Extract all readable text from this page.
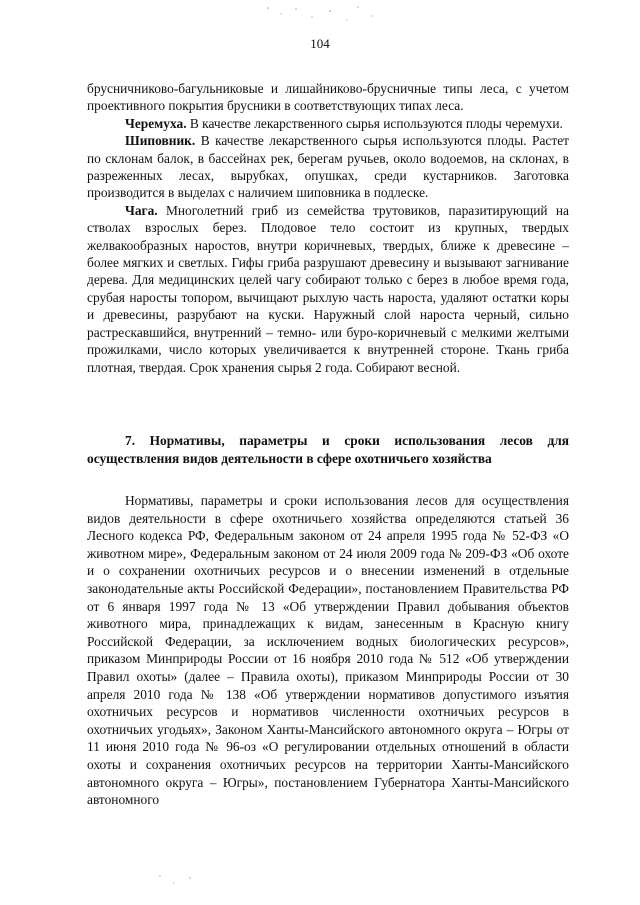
104

брусничниково-багульниковые и лишайниково-брусничные типы леса, с учетом проективного покрытия брусники в соответствующих типах леса.

Черемуха. В качестве лекарственного сырья используются плоды черемухи.

Шиповник. В качестве лекарственного сырья используются плоды. Растет по склонам балок, в бассейнах рек, берегам ручьев, около водоемов, на склонах, в разреженных лесах, вырубках, опушках, среди кустарников. Заготовка производится в выделах с наличием шиповника в подлеске.

Чага. Многолетний гриб из семейства трутовиков, паразитирующий на стволах взрослых берез. Плодовое тело состоит из крупных, твердых желвакообразных наростов, внутри коричневых, твердых, ближе к древесине – более мягких и светлых. Гифы гриба разрушают древесину и вызывают загнивание дерева. Для медицинских целей чагу собирают только с берез в любое время года, срубая наросты топором, вычищают рыхлую часть нароста, удаляют остатки коры и древесины, разрубают на куски. Наружный слой нароста черный, сильно растрескавшийся, внутренний – темно- или буро-коричневый с мелкими желтыми прожилками, число которых увеличивается к внутренней стороне. Ткань гриба плотная, твердая. Срок хранения сырья 2 года. Собирают весной.

7. Нормативы, параметры и сроки использования лесов для
осуществления видов деятельности в сфере охотничьего хозяйства

Нормативы, параметры и сроки использования лесов для осуществления видов деятельности в сфере охотничьего хозяйства определяются статьей 36 Лесного кодекса РФ, Федеральным законом от 24 апреля 1995 года № 52-ФЗ «О животном мире», Федеральным законом от 24 июля 2009 года № 209-ФЗ «Об охоте и о сохранении охотничьих ресурсов и о внесении изменений в отдельные законодательные акты Российской Федерации», постановлением Правительства РФ от 6 января 1997 года № 13 «Об утверждении Правил добывания объектов животного мира, принадлежащих к видам, занесенным в Красную книгу Российской Федерации, за исключением водных биологических ресурсов», приказом Минприроды России от 16 ноября 2010 года № 512 «Об утверждении Правил охоты» (далее – Правила охоты), приказом Минприроды России от 30 апреля 2010 года № 138 «Об утверждении нормативов допустимого изъятия охотничьих ресурсов и нормативов численности охотничьих ресурсов в охотничьих угодьях», Законом Ханты-Мансийского автономного округа – Югры от 11 июня 2010 года № 96-оз «О регулировании отдельных отношений в области охоты и сохранения охотничьих ресурсов на территории Ханты-Мансийского автономного округа – Югры», постановлением Губернатора Ханты-Мансийского автономного
